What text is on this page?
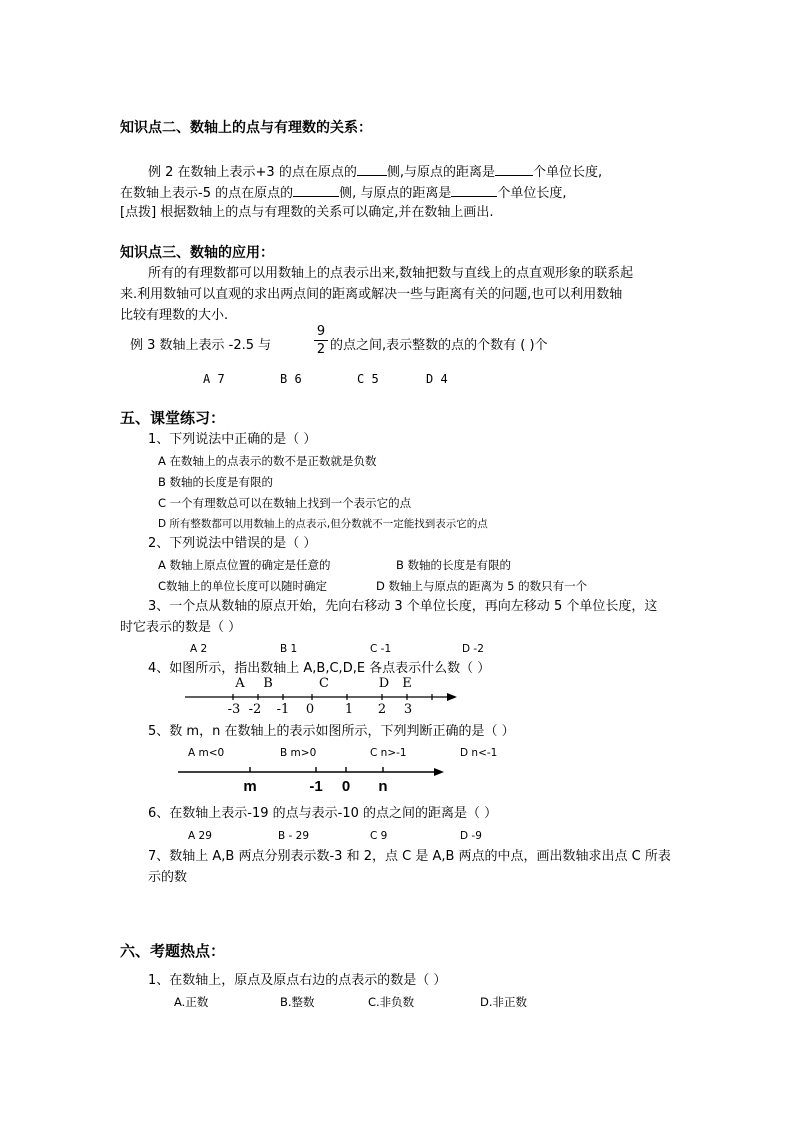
知识点二、数轴上的点与有理数的关系：
例 2 在数轴上表示+3 的点在原点的 侧,与原点的距离是	个单位长度,
在数轴上表示-5 的点在原点的	侧, 与原点的距离是	个单位长度,
[点拨] 根据数轴上的点与有理数的关系可以确定,并在数轴上画出.
知识点三、数轴的应用：
所有的有理数都可以用数轴上的点表示出来,数轴把数与直线上的点直观形象的联系起
来.利用数轴可以直观的求出两点间的距离或解决一些与距离有关的问题,也可以利用数轴
比较有理数的大小.
例 3 数轴上表示 -2.5 与
9
2 的点之间,表示整数的点的个数有 ( )个
A 7	B 6	C 5	D 4
五、课堂练习：
1、下列说法中正确的是（ ）
A 在数轴上的点表示的数不是正数就是负数
B 数轴的长度是有限的
C 一个有理数总可以在数轴上找到一个表示它的点
D 所有整数都可以用数轴上的点表示,但分数就不一定能找到表示它的点
2、下列说法中错误的是（ ）
A 数轴上原点位置的确定是任意的	B 数轴的长度是有限的
C数轴上的单位长度可以随时确定	D 数轴上与原点的距离为 5 的数只有一个
3、一个点从数轴的原点开始，先向右移动 3 个单位长度，再向左移动 5 个单位长度，这
时它表示的数是（ ）
A 2	B 1	C -1	D -2
4、如图所示，指出数轴上 A,B,C,D,E 各点表示什么数（ ）
A	B	C	D	E
-3 -2 -1	0	1	2	3
5、数 m，n 在数轴上的表示如图所示，下列判断正确的是（ ）
A m<0	B m>0	C n>-1	D n<-1
m	-1	0	n
6、在数轴上表示-19 的点与表示-10 的点之间的距离是（ ）
A 29	B - 29	C 9	D -9
7、数轴上 A,B 两点分别表示数-3 和 2，点 C 是 A,B 两点的中点，画出数轴求出点 C 所表
示的数
六、考题热点：
1、在数轴上，原点及原点右边的点表示的数是（ ）
A.正数	B.整数	C.非负数	D.非正数
